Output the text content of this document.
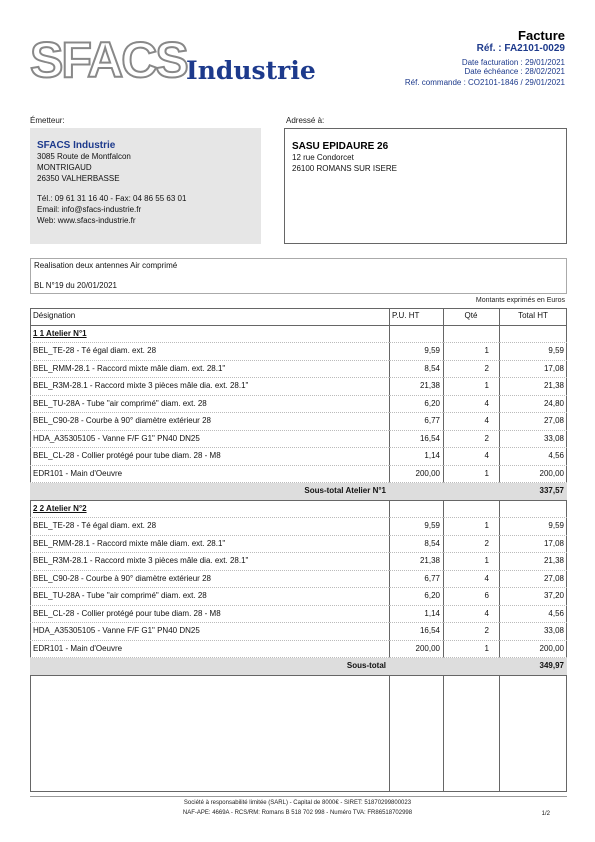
SFACS Industrie
Facture
Réf. : FA2101-0029
Date facturation : 29/01/2021
Date échéance : 28/02/2021
Réf. commande : CO2101-1846 / 29/01/2021
Émetteur:
SFACS Industrie
3085 Route de Montfalcon
MONTRIGAUD
26350 VALHERBASSE
Tél.: 09 61 31 16 40 - Fax: 04 86 55 63 01
Email: info@sfacs-industrie.fr
Web: www.sfacs-industrie.fr
Adressé à:
SASU EPIDAURE 26
12 rue Condorcet
26100 ROMANS SUR ISERE
Realisation deux antennes Air comprimé
BL N°19 du 20/01/2021
Montants exprimés en Euros
Désignation	P.U. HT	Qté	Total HT
1 1 Atelier N°1			
BEL_TE-28 - Té égal diam. ext. 28	9,59	1	9,59
BEL_RMM-28.1 - Raccord mixte mâle diam. ext. 28.1"	8,54	2	17,08
BEL_R3M-28.1 - Raccord mixte 3 pièces mâle dia. ext. 28.1"	21,38	1	21,38
BEL_TU-28A - Tube "air comprimé" diam. ext. 28	6,20	4	24,80
BEL_C90-28 - Courbe à 90° diamètre extérieur 28	6,77	4	27,08
HDA_A35305105 - Vanne F/F G1" PN40 DN25	16,54	2	33,08
BEL_CL-28 - Collier protégé pour tube diam. 28 - M8	1,14	4	4,56
EDR101 - Main d'Oeuvre	200,00	1	200,00
Sous-total Atelier N°1			337,57
2 2 Atelier N°2			
BEL_TE-28 - Té égal diam. ext. 28	9,59	1	9,59
BEL_RMM-28.1 - Raccord mixte mâle diam. ext. 28.1"	8,54	2	17,08
BEL_R3M-28.1 - Raccord mixte 3 pièces mâle dia. ext. 28.1"	21,38	1	21,38
BEL_C90-28 - Courbe à 90° diamètre extérieur 28	6,77	4	27,08
BEL_TU-28A - Tube "air comprimé" diam. ext. 28	6,20	6	37,20
BEL_CL-28 - Collier protégé pour tube diam. 28 - M8	1,14	4	4,56
HDA_A35305105 - Vanne F/F G1" PN40 DN25	16,54	2	33,08
EDR101 - Main d'Oeuvre	200,00	1	200,00
Sous-total			349,97
Société à responsabilité limitée (SARL) - Capital de 8000€ - SIRET: 51870299800023
NAF-APE: 4669A - RCS/RM: Romans B 518 702 998 - Numéro TVA: FR86518702998	1/2
